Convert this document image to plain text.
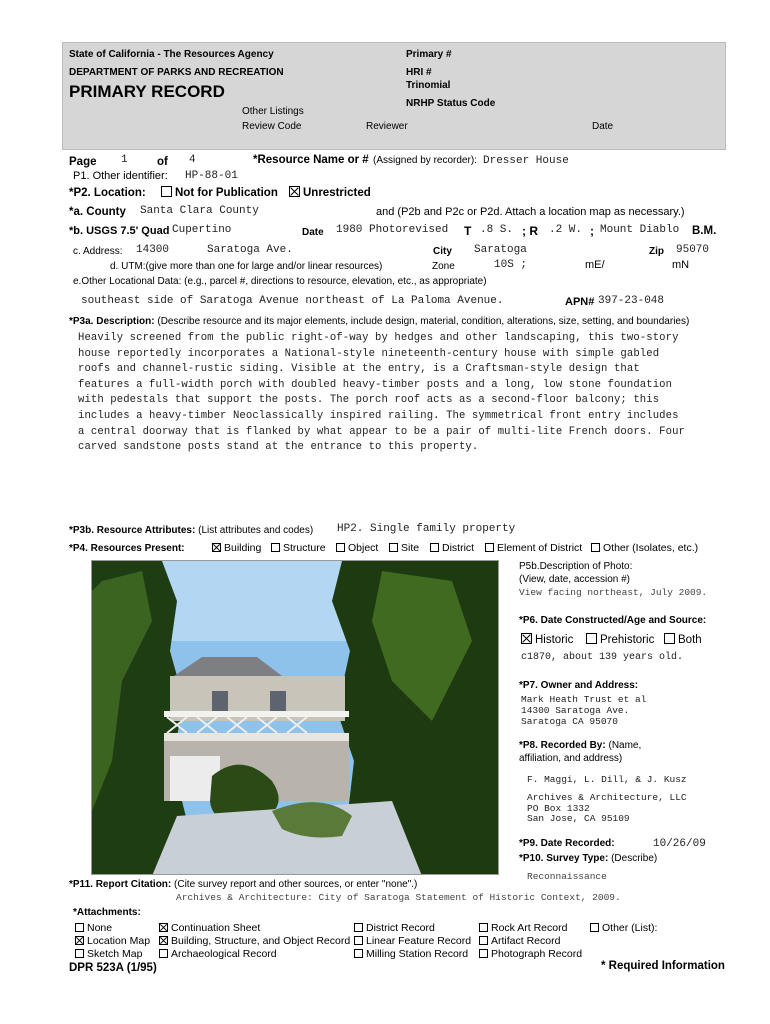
State of California - The Resources Agency
DEPARTMENT OF PARKS AND RECREATION
PRIMARY RECORD
Primary #
HRI #
Trinomial
NRHP Status Code
Other Listings
Review Code	Reviewer	Date
Page 1	of 4	*Resource Name or # (Assigned by recorder): Dresser House
P1. Other identifier: HP-88-01
*P2. Location:	Not for Publication	Unrestricted
*a. County Santa Clara County	and (P2b and P2c or P2d. Attach a location map as necessary.)
*b. USGS 7.5' Quad Cupertino	Date 1980 Photorevised T .8 S. ; R .2 W. ; Mount Diablo B.M.
c. Address: 14300	Saratoga Ave.	City Saratoga	Zip 95070
d. UTM:(give more than one for large and/or linear resources)	Zone	10S ;	mE/	mN
e.Other Locational Data: (e.g., parcel #, directions to resource, elevation, etc., as appropriate)
southeast side of Saratoga Avenue northeast of La Paloma Avenue.	APN# 397-23-048
*P3a. Description: (Describe resource and its major elements, include design, material, condition, alterations, size, setting, and boundaries)
Heavily screened from the public right-of-way by hedges and other landscaping, this two-story
house reportedly incorporates a National-style nineteenth-century house with simple gabled
roofs and channel-rustic siding. Visible at the entry, is a Craftsman-style design that
features a full-width porch with doubled heavy-timber posts and a long, low stone foundation
with pedestals that support the posts. The porch roof acts as a second-floor balcony; this
includes a heavy-timber Neoclassically inspired railing. The symmetrical front entry includes
a central doorway that is flanked by what appear to be a pair of multi-lite French doors. Four
carved sandstone posts stand at the entrance to this property.
*P3b. Resource Attributes: (List attributes and codes) HP2. Single family property
*P4. Resources Present:	Building	Structure	Object	Site	District	Element of District	Other (Isolates, etc.)
P5b.Description of Photo:
(View, date, accession #)
View facing northeast, July 2009.
*P6. Date Constructed/Age and Source:
Historic	Prehistoric	Both
c1870, about 139 years old.
*P7. Owner and Address:
Mark Heath Trust et al
14300 Saratoga Ave.
Saratoga CA 95070
*P8. Recorded By: (Name,
affiliation, and address)
F. Maggi, L. Dill, & J. Kusz
Archives & Architecture, LLC
PO Box 1332
San Jose, CA 95109
*P9. Date Recorded:	10/26/09
*P10. Survey Type: (Describe)
Reconnaissance
*P11. Report Citation: (Cite survey report and other sources, or enter "none".)
Archives & Architecture: City of Saratoga Statement of Historic Context, 2009.
*Attachments:
None
Location Map
Sketch Map
Continuation Sheet
Building, Structure, and Object Record
Archaeological Record
District Record
Linear Feature Record
Milling Station Record
Rock Art Record
Artifact Record
Photograph Record
Other (List):
DPR 523A (1/95)	* Required Information
